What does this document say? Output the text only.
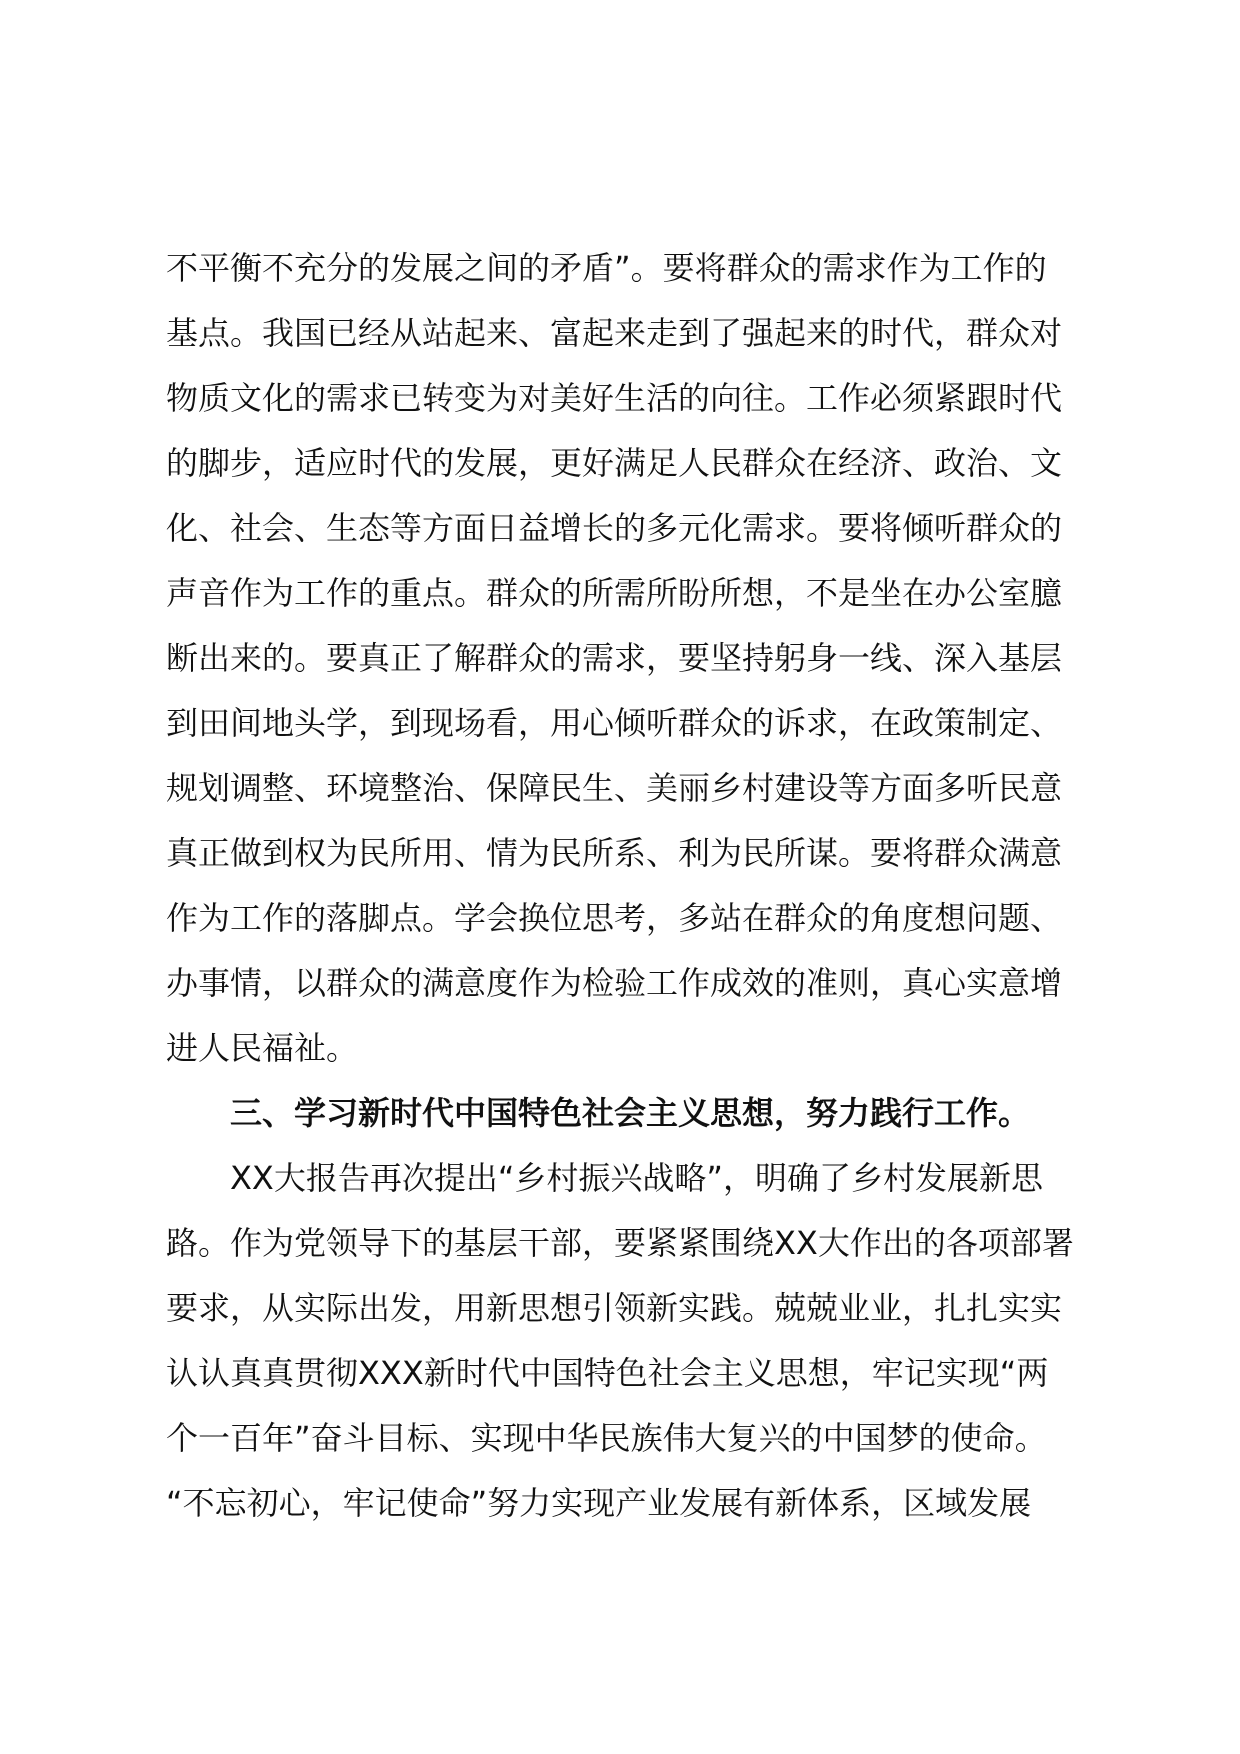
不平衡不充分的发展之间的矛盾”。要将群众的需求作为工作的
基点。我国已经从站起来、富起来走到了强起来的时代，群众对
物质文化的需求已转变为对美好生活的向往。工作必须紧跟时代
的脚步，适应时代的发展，更好满足人民群众在经济、政治、文
化、社会、生态等方面日益增长的多元化需求。要将倾听群众的
声音作为工作的重点。群众的所需所盼所想，不是坐在办公室臆
断出来的。要真正了解群众的需求，要坚持躬身一线、深入基层
到田间地头学，到现场看，用心倾听群众的诉求，在政策制定、
规划调整、环境整治、保障民生、美丽乡村建设等方面多听民意
真正做到权为民所用、情为民所系、利为民所谋。要将群众满意
作为工作的落脚点。学会换位思考，多站在群众的角度想问题、
办事情，以群众的满意度作为检验工作成效的准则，真心实意增
进人民福祉。
三、学习新时代中国特色社会主义思想，努力践行工作。
XX大报告再次提出“乡村振兴战略”，明确了乡村发展新思
路。作为党领导下的基层干部，要紧紧围绕XX大作出的各项部署
要求，从实际出发，用新思想引领新实践。兢兢业业，扎扎实实
认认真真贯彻XXX新时代中国特色社会主义思想，牢记实现“两
个一百年”奋斗目标、实现中华民族伟大复兴的中国梦的使命。
“不忘初心，牢记使命”努力实现产业发展有新体系，区域发展
